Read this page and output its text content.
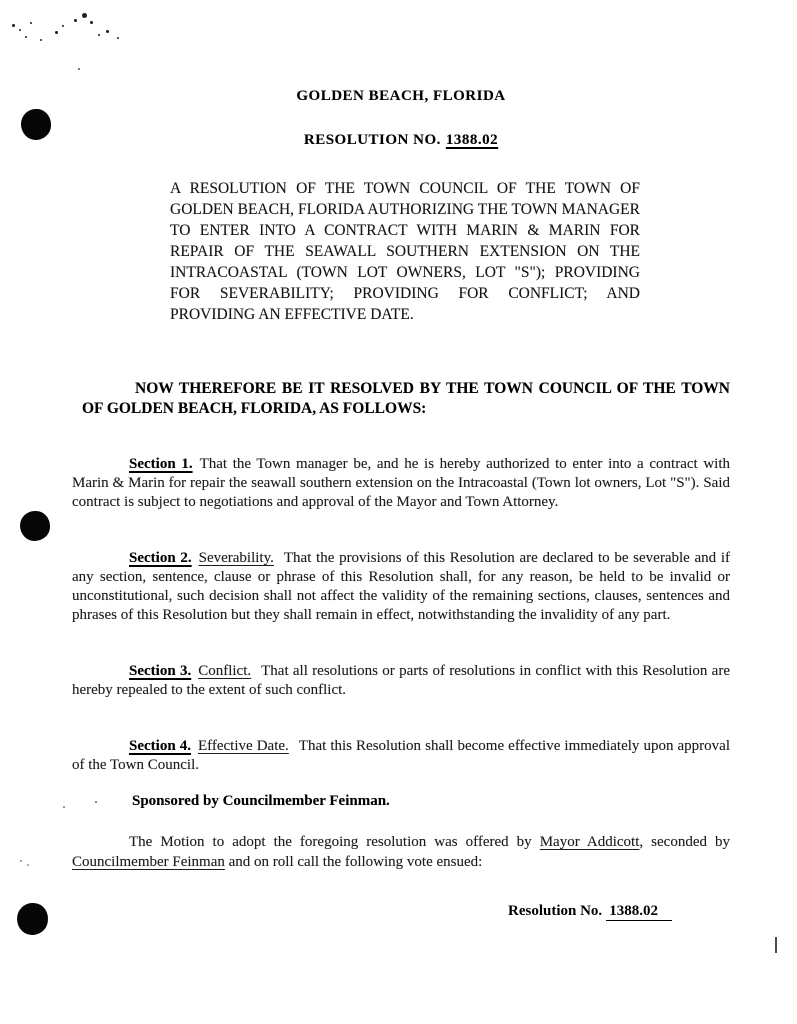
GOLDEN BEACH, FLORIDA
RESOLUTION NO. 1388.02

A RESOLUTION OF THE TOWN COUNCIL OF THE TOWN OF GOLDEN BEACH, FLORIDA AUTHORIZING THE TOWN MANAGER TO ENTER INTO A CONTRACT WITH MARIN & MARIN FOR REPAIR OF THE SEAWALL SOUTHERN EXTENSION ON THE INTRACOASTAL (TOWN LOT OWNERS, LOT "S"); PROVIDING FOR SEVERABILITY; PROVIDING FOR CONFLICT; AND PROVIDING AN EFFECTIVE DATE.

NOW THEREFORE BE IT RESOLVED BY THE TOWN COUNCIL OF THE TOWN OF GOLDEN BEACH, FLORIDA, AS FOLLOWS:

Section 1. That the Town manager be, and he is hereby authorized to enter into a contract with Marin & Marin for repair the seawall southern extension on the Intracoastal (Town lot owners, Lot "S"). Said contract is subject to negotiations and approval of the Mayor and Town Attorney.

Section 2. Severability. That the provisions of this Resolution are declared to be severable and if any section, sentence, clause or phrase of this Resolution shall, for any reason, be held to be invalid or unconstitutional, such decision shall not affect the validity of the remaining sections, clauses, sentences and phrases of this Resolution but they shall remain in effect, notwithstanding the invalidity of any part.

Section 3. Conflict. That all resolutions or parts of resolutions in conflict with this Resolution are hereby repealed to the extent of such conflict.

Section 4. Effective Date. That this Resolution shall become effective immediately upon approval of the Town Council.

Sponsored by Councilmember Feinman.

The Motion to adopt the foregoing resolution was offered by Mayor Addicott, seconded by Councilmember Feinman and on roll call the following vote ensued:

Resolution No. 1388.02
